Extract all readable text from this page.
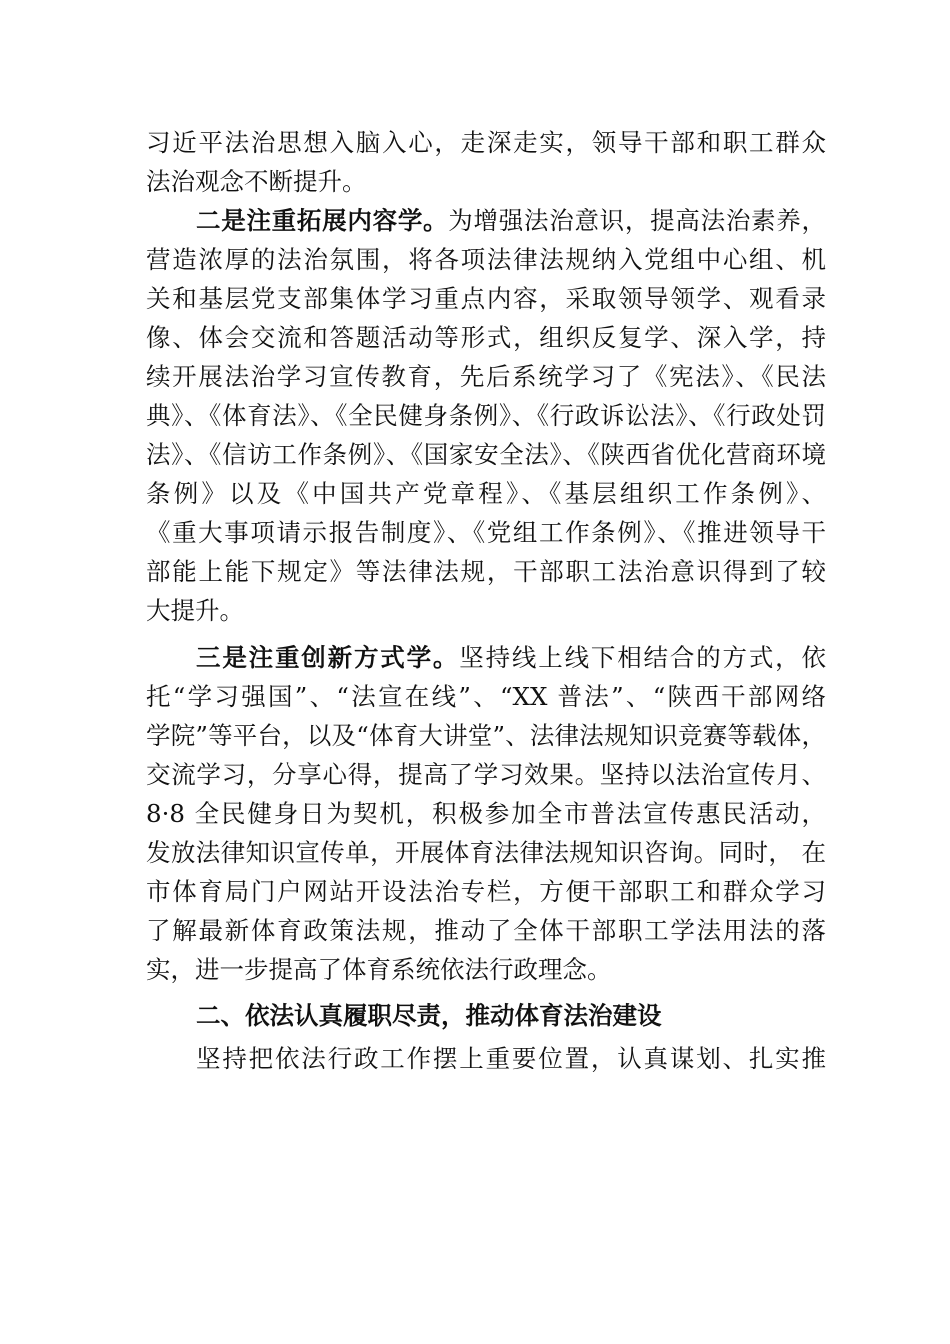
习近平法治思想入脑入心，走深走实，领导干部和职工群众
法治观念不断提升。
二是注重拓展内容学。为增强法治意识，提高法治素养，
营造浓厚的法治氛围，将各项法律法规纳入党组中心组、机
关和基层党支部集体学习重点内容，采取领导领学、观看录
像、体会交流和答题活动等形式，组织反复学、深入学，持
续开展法治学习宣传教育，先后系统学习了《宪法》、《民法
典》、《体育法》、《全民健身条例》、《行政诉讼法》、《行政处罚
法》、《信访工作条例》、《国家安全法》、《陕西省优化营商环境
条例》以及《中国共产党章程》、《基层组织工作条例》、
《重大事项请示报告制度》、《党组工作条例》、《推进领导干
部能上能下规定》等法律法规，干部职工法治意识得到了较
大提升。
三是注重创新方式学。坚持线上线下相结合的方式，依
托“学习强国”、“法宣在线”、“XX 普法”、“陕西干部网络
学院”等平台，以及“体育大讲堂”、法律法规知识竞赛等载体，
交流学习，分享心得，提高了学习效果。坚持以法治宣传月、
8·8 全民健身日为契机，积极参加全市普法宣传惠民活动，
发放法律知识宣传单，开展体育法律法规知识咨询。同时， 在
市体育局门户网站开设法治专栏，方便干部职工和群众学习
了解最新体育政策法规，推动了全体干部职工学法用法的落
实，进一步提高了体育系统依法行政理念。
二、依法认真履职尽责，推动体育法治建设
坚持把依法行政工作摆上重要位置，认真谋划、扎实推
